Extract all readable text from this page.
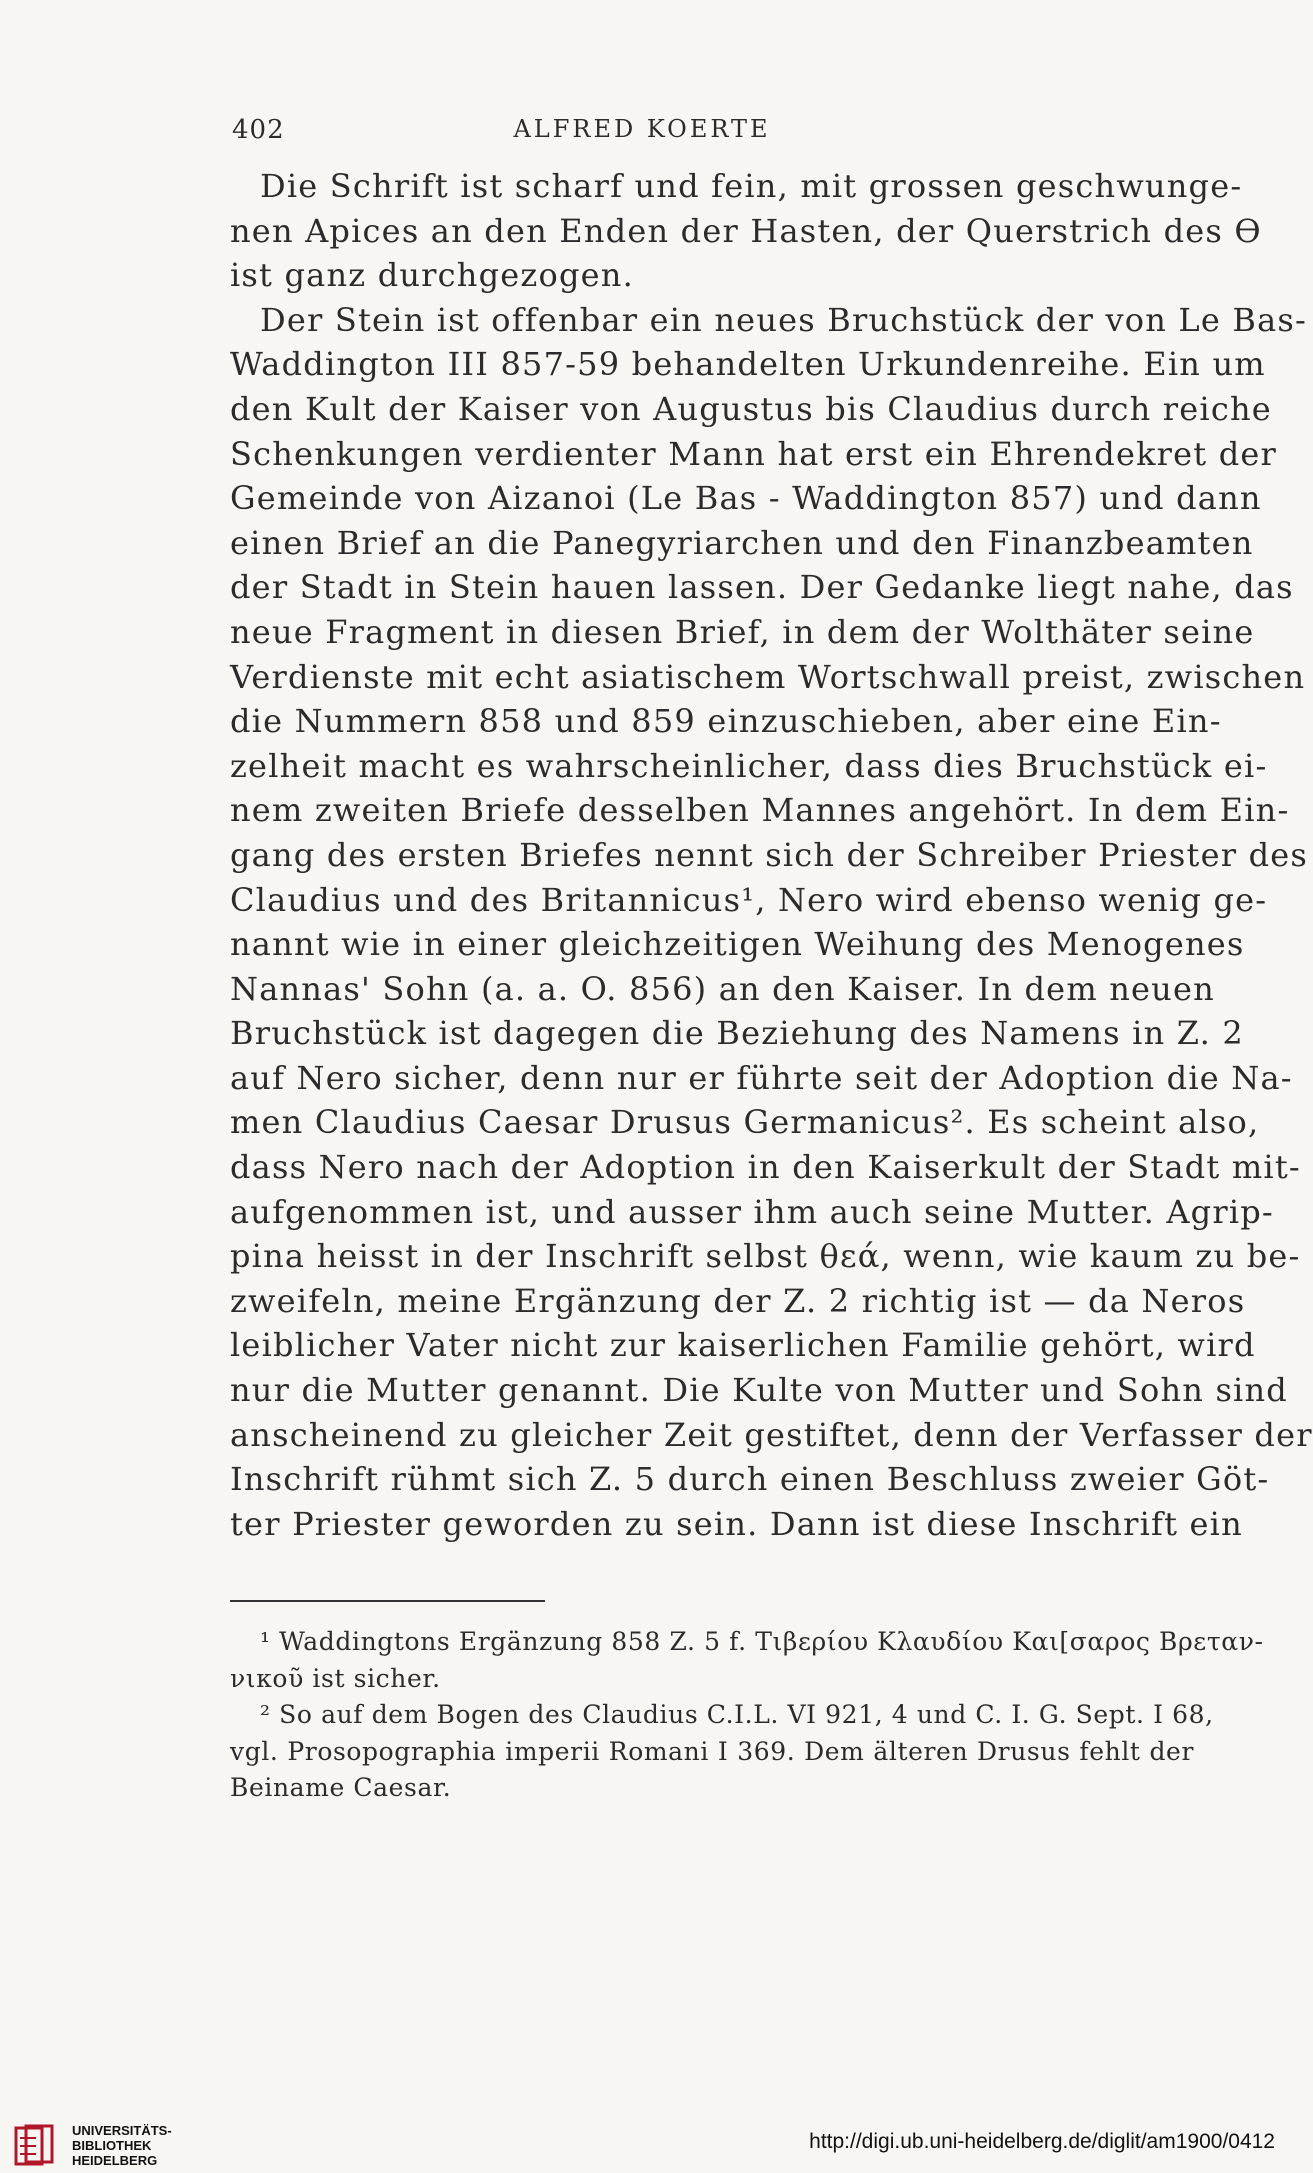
402	ALFRED KOERTE
Die Schrift ist scharf und fein, mit grossen geschwunge-
nen Apices an den Enden der Hasten, der Querstrich des ϴ
ist ganz durchgezogen.
Der Stein ist offenbar ein neues Bruchstück der von Le Bas-
Waddington III 857-59 behandelten Urkundenreihe. Ein um
den Kult der Kaiser von Augustus bis Claudius durch reiche
Schenkungen verdienter Mann hat erst ein Ehrendekret der
Gemeinde von Aizanoi (Le Bas - Waddington 857) und dann
einen Brief an die Panegyriarchen und den Finanzbeamten
der Stadt in Stein hauen lassen. Der Gedanke liegt nahe, das
neue Fragment in diesen Brief, in dem der Wolthäter seine
Verdienste mit echt asiatischem Wortschwall preist, zwischen
die Nummern 858 und 859 einzuschieben, aber eine Ein-
zelheit macht es wahrscheinlicher, dass dies Bruchstück ei-
nem zweiten Briefe desselben Mannes angehört. In dem Ein-
gang des ersten Briefes nennt sich der Schreiber Priester des
Claudius und des Britannicus¹, Nero wird ebenso wenig ge-
nannt wie in einer gleichzeitigen Weihung des Menogenes
Nannas' Sohn (a. a. O. 856) an den Kaiser. In dem neuen
Bruchstück ist dagegen die Beziehung des Namens in Z. 2
auf Nero sicher, denn nur er führte seit der Adoption die Na-
men Claudius Caesar Drusus Germanicus². Es scheint also,
dass Nero nach der Adoption in den Kaiserkult der Stadt mit-
aufgenommen ist, und ausser ihm auch seine Mutter. Agrip-
pina heisst in der Inschrift selbst θεά, wenn, wie kaum zu be-
zweifeln, meine Ergänzung der Z. 2 richtig ist — da Neros
leiblicher Vater nicht zur kaiserlichen Familie gehört, wird
nur die Mutter genannt. Die Kulte von Mutter und Sohn sind
anscheinend zu gleicher Zeit gestiftet, denn der Verfasser der
Inschrift rühmt sich Z. 5 durch einen Beschluss zweier Göt-
ter Priester geworden zu sein. Dann ist diese Inschrift ein
¹ Waddingtons Ergänzung 858 Z. 5 f. Τιβερίου Κλαυδίου Και[σαρος Βρεταν-
νικοῦ ist sicher.
² So auf dem Bogen des Claudius C.I.L. VI 921, 4 und C. I. G. Sept. I 68,
vgl. Prosopographia imperii Romani I 369. Dem älteren Drusus fehlt der
Beiname Caesar.
UNIVERSITÄTS-
BIBLIOTHEK
HEIDELBERG
http://digi.ub.uni-heidelberg.de/diglit/am1900/0412
